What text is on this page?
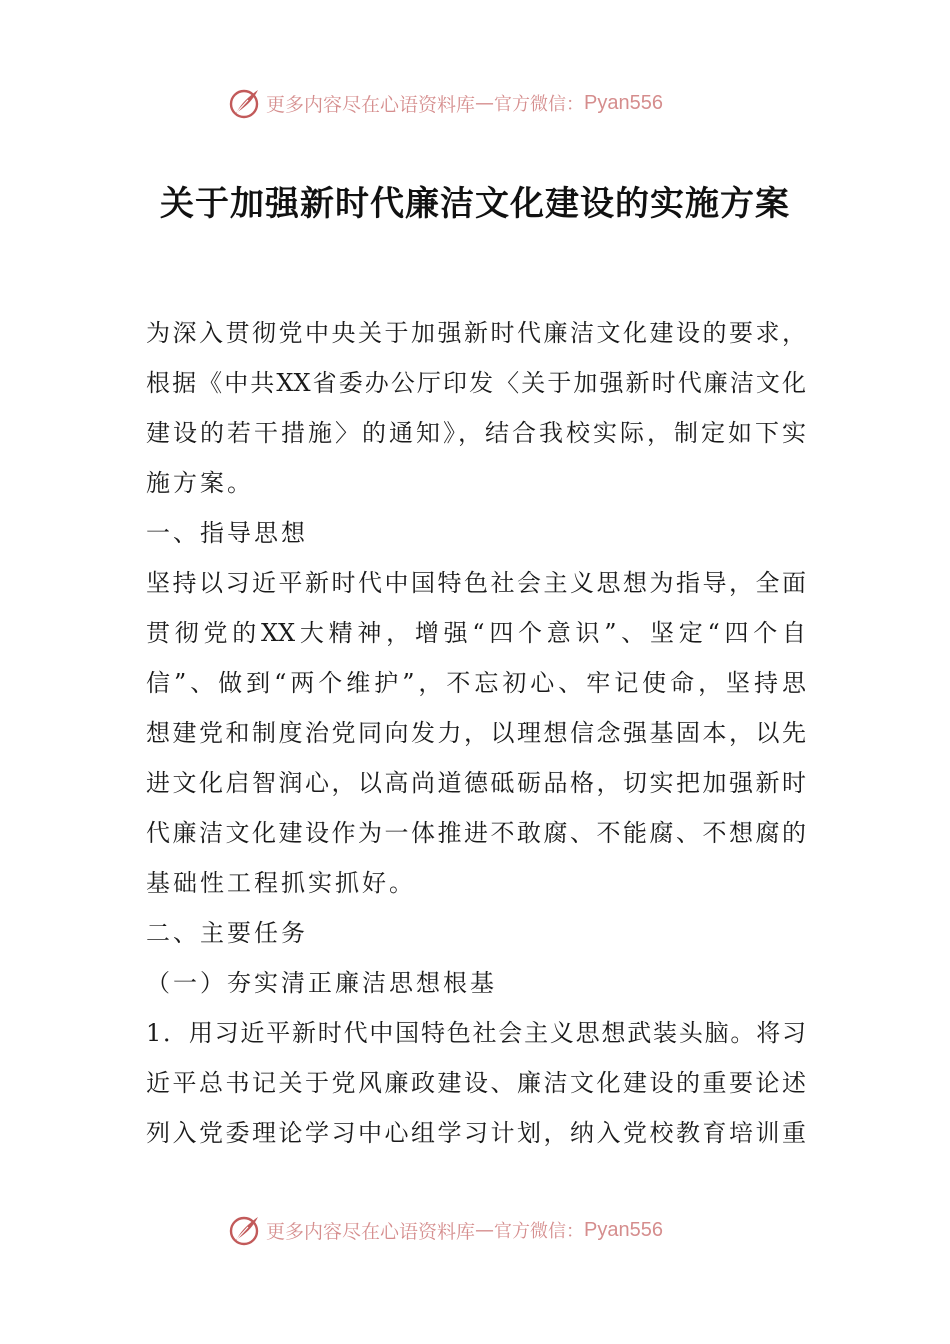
更多内容尽在心语资料库 — 官方微信： Pyan556
关于加强新时代廉洁文化建设的实施方案
为深入贯彻党中央关于加强新时代廉洁文化建设的要求，
根据《中共XX省委办公厅印发〈关于加强新时代廉洁文化
建设的若干措施〉的通知》，结合我校实际，制定如下实
施方案。
一、指导思想
坚持以习近平新时代中国特色社会主义思想为指导，全面
贯彻党的XX大精神，增强“四个意识”、坚定“四个自
信”、做到“两个维护”，不忘初心、牢记使命，坚持思
想建党和制度治党同向发力，以理想信念强基固本，以先
进文化启智润心，以高尚道德砥砺品格，切实把加强新时
代廉洁文化建设作为一体推进不敢腐、不能腐、不想腐的
基础性工程抓实抓好。
二、主要任务
（一）夯实清正廉洁思想根基
1．用习近平新时代中国特色社会主义思想武装头脑。将习
近平总书记关于党风廉政建设、廉洁文化建设的重要论述
列入党委理论学习中心组学习计划，纳入党校教育培训重
更多内容尽在心语资料库 — 官方微信： Pyan556
